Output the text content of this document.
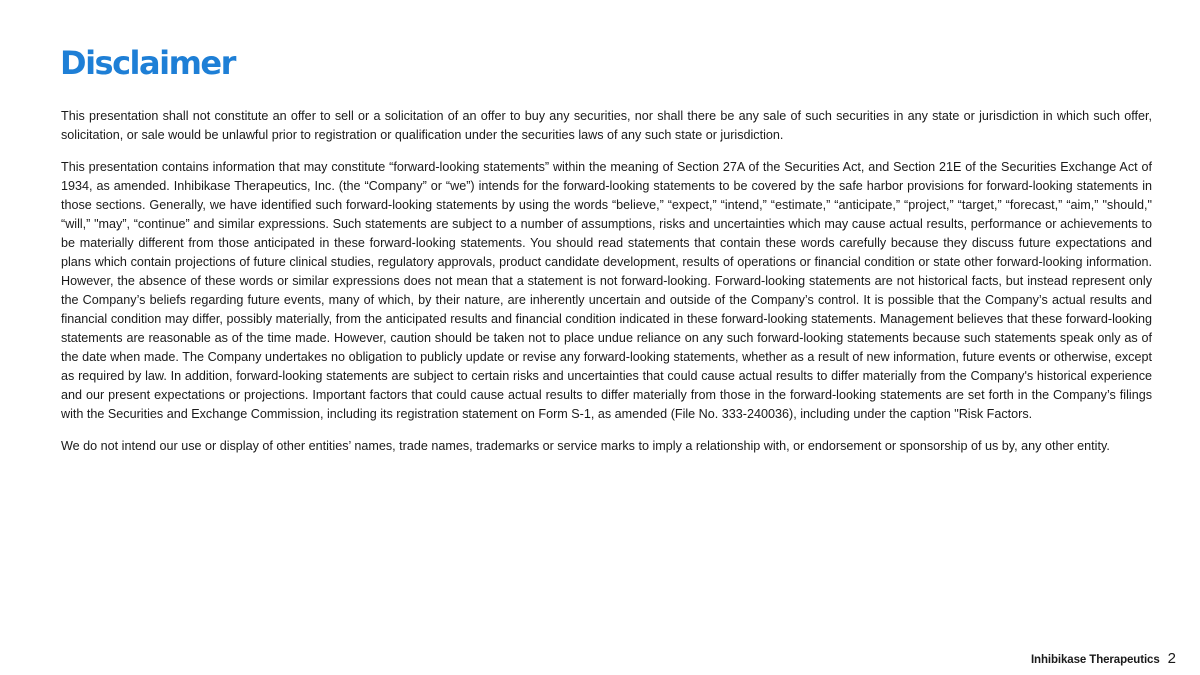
Disclaimer

This presentation shall not constitute an offer to sell or a solicitation of an offer to buy any securities, nor shall there be any sale of such securities in any state or jurisdiction in which such offer, solicitation, or sale would be unlawful prior to registration or qualification under the securities laws of any such state or jurisdiction.

This presentation contains information that may constitute “forward-looking statements” within the meaning of Section 27A of the Securities Act, and Section 21E of the Securities Exchange Act of 1934, as amended. Inhibikase Therapeutics, Inc. (the “Company” or “we”) intends for the forward-looking statements to be covered by the safe harbor provisions for forward-looking statements in those sections. Generally, we have identified such forward-looking statements by using the words “believe,” “expect,” “intend,” “estimate,” “anticipate,” “project,” “target,” “forecast,” “aim,” "should," “will,” "may”, “continue” and similar expressions. Such statements are subject to a number of assumptions, risks and uncertainties which may cause actual results, performance or achievements to be materially different from those anticipated in these forward-looking statements. You should read statements that contain these words carefully because they discuss future expectations and plans which contain projections of future clinical studies, regulatory approvals, product candidate development, results of operations or financial condition or state other forward-looking information. However, the absence of these words or similar expressions does not mean that a statement is not forward-looking. Forward-looking statements are not historical facts, but instead represent only the Company’s beliefs regarding future events, many of which, by their nature, are inherently uncertain and outside of the Company’s control. It is possible that the Company’s actual results and financial condition may differ, possibly materially, from the anticipated results and financial condition indicated in these forward-looking statements. Management believes that these forward-looking statements are reasonable as of the time made. However, caution should be taken not to place undue reliance on any such forward-looking statements because such statements speak only as of the date when made. The Company undertakes no obligation to publicly update or revise any forward-looking statements, whether as a result of new information, future events or otherwise, except as required by law. In addition, forward-looking statements are subject to certain risks and uncertainties that could cause actual results to differ materially from the Company's historical experience and our present expectations or projections. Important factors that could cause actual results to differ materially from those in the forward-looking statements are set forth in the Company’s filings with the Securities and Exchange Commission, including its registration statement on Form S-1, as amended (File No. 333-240036), including under the caption "Risk Factors.

We do not intend our use or display of other entities’ names, trade names, trademarks or service marks to imply a relationship with, or endorsement or sponsorship of us by, any other entity.

Inhibikase Therapeutics 2
